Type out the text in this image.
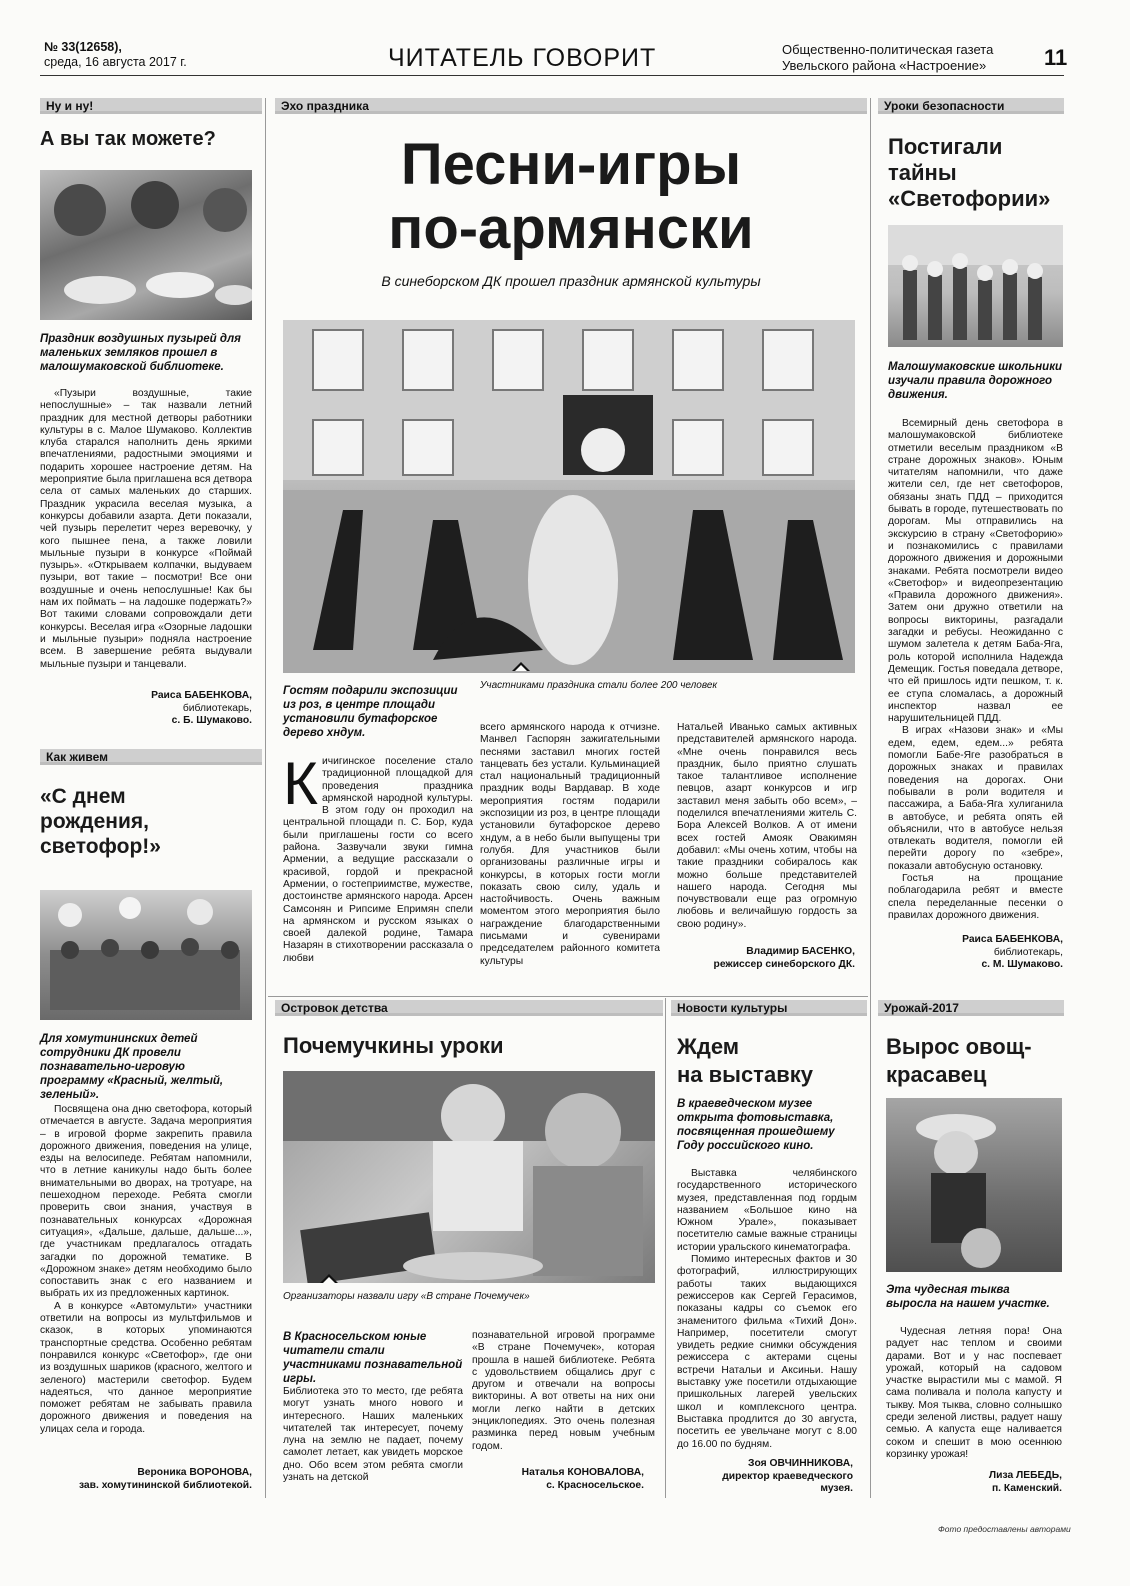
№ 33(12658),
среда, 16 августа 2017 г.	ЧИТАТЕЛЬ ГОВОРИТ	Общественно-политическая газета
Увельского района «Настроение»	11
Ну и ну!
А вы так можете?
Праздник воздушных пузырей для маленьких земляков прошел в малошумаковской библиотеке.

«Пузыри воздушные, такие непослушные» – так назвали летний праздник для местной детворы работники культуры в с. Малое Шумаково. Коллектив клуба старался наполнить день яркими впечатлениями, радостными эмоциями и подарить хорошее настроение детям. На мероприятие была приглашена вся детвора села от самых маленьких до старших. Праздник украсила веселая музыка, а конкурсы добавили азарта. Дети показали, чей пузырь перелетит через веревочку, у кого пышнее пена, а также ловили мыльные пузыри в конкурсе «Поймай пузырь». «Открываем колпачки, выдуваем пузыри, вот такие – посмотри! Все они воздушные и очень непослушные! Как бы нам их поймать – на ладошке подержать?» Вот такими словами сопровождали дети конкурсы. Веселая игра «Озорные ладошки и мыльные пузыри» подняла настроение всем. В завершение ребята выдували мыльные пузыри и танцевали.

Раиса БАБЕНКОВА,
библиотекарь,
с. Б. Шумаково.
Как живем
«С днем
рождения,
светофор!»
Для хомутининских детей сотрудники ДК провели познавательно-игровую программу «Красный, желтый, зеленый».

Посвящена она дню светофора, который отмечается в августе. Задача мероприятия – в игровой форме закрепить правила дорожного движения, поведения на улице, езды на велосипеде. Ребятам напомнили, что в летние каникулы надо быть более внимательными во дворах, на тротуаре, на пешеходном переходе. Ребята смогли проверить свои знания, участвуя в познавательных конкурсах «Дорожная ситуация», «Дальше, дальше, дальше...», где участникам предлагалось отгадать загадки по дорожной тематике. В «Дорожном знаке» детям необходимо было сопоставить знак с его названием и выбрать их из предложенных картинок.

А в конкурсе «Автомульти» участники ответили на вопросы из мультфильмов и сказок, в которых упоминаются транспортные средства. Особенно ребятам понравился конкурс «Светофор», где они из воздушных шариков (красного, желтого и зеленого) мастерили светофор. Будем надеяться, что данное мероприятие поможет ребятам не забывать правила дорожного движения и поведения на улицах села и города.

Вероника ВОРОНОВА,
зав. хомутининской библиотекой.
Эхо праздника
Песни-игры
по-армянски
В синеборском ДК прошел праздник армянской культуры
Участниками праздника стали более 200 человек
Гостям подарили экспозиции из роз, в центре площади установили бутафорское дерево хндум.
К ичигинское поселение стало традиционной площадкой для проведения праздника армянской народной культуры. В этом году он проходил на центральной площади п. С. Бор, куда были приглашены гости со всего района. Зазвучали звуки гимна Армении, а ведущие рассказали о красивой, гордой и прекрасной Армении, о гостеприимстве, мужестве, достоинстве армянского народа. Арсен Самсонян и Рипсиме Епримян спели на армянском и русском языках о своей далекой родине, Тамара Назарян в стихотворении рассказала о любви
всего армянского народа к отчизне. Манвел Гаспорян зажигательными песнями заставил многих гостей танцевать без устали. Кульминацией стал национальный традиционный праздник воды Вардавар. В ходе мероприятия гостям подарили экспозиции из роз, в центре площади установили бутафорское дерево хндум, а в небо были выпущены три голубя. Для участников были организованы различные игры и конкурсы, в которых гости могли показать свою силу, удаль и настойчивость. Очень важным моментом этого мероприятия было награждение благодарственными письмами и сувенирами председателем районного комитета культуры
Натальей Иванько самых активных представителей армянского народа. «Мне очень понравился весь праздник, было приятно слушать такое талантливое исполнение певцов, азарт конкурсов и игр заставил меня забыть обо всем», – поделился впечатлениями житель С. Бора Алексей Волков. А от имени всех гостей Амояк Овакимян добавил: «Мы очень хотим, чтобы на такие праздники собиралось как можно больше представителей нашего народа. Сегодня мы почувствовали еще раз огромную любовь и величайшую гордость за свою родину».
Владимир БАСЕНКО,
режиссер синеборского ДК.
Уроки безопасности
Постигали
тайны
«Светофории»
Малошумаковские школьники изучали правила дорожного движения.

Всемирный день светофора в малошумаковской библиотеке отметили веселым праздником «В стране дорожных знаков». Юным читателям напомнили, что даже жители сел, где нет светофоров, обязаны знать ПДД – приходится бывать в городе, путешествовать по дорогам. Мы отправились на экскурсию в страну «Светофорию» и познакомились с правилами дорожного движения и дорожными знаками. Ребята посмотрели видео «Светофор» и видеопрезентацию «Правила дорожного движения». Затем они дружно ответили на вопросы викторины, разгадали загадки и ребусы. Неожиданно с шумом залетела к детям Баба-Яга, роль которой исполнила Надежда Демещик. Гостья поведала детворе, что ей пришлось идти пешком, т. к. ее ступа сломалась, а дорожный инспектор назвал ее нарушительницей ПДД.

В играх «Назови знак» и «Мы едем, едем, едем...» ребята помогли Бабе-Яге разобраться в дорожных знаках и правилах поведения на дорогах. Они побывали в роли водителя и пассажира, а Баба-Яга хулиганила в автобусе, и ребята опять ей объяснили, что в автобусе нельзя отвлекать водителя, помогли ей перейти дорогу по «зебре», показали автобусную остановку.

Гостья на прощание поблагодарила ребят и вместе спела переделанные песенки о правилах дорожного движения.

Раиса БАБЕНКОВА,
библиотекарь,
с. М. Шумаково.
Островок детства
Почемучкины уроки
Организаторы назвали игру «В стране Почемучек»
В Красносельском юные читатели стали участниками познавательной игры.
Библиотека это то место, где ребята могут узнать много нового и интересного. Наших маленьких читателей так интересует, почему луна на землю не падает, почему самолет летает, как увидеть морское дно. Обо всем этом ребята смогли узнать на детской
познавательной игровой программе «В стране Почемучек», которая прошла в нашей библиотеке. Ребята с удовольствием общались друг с другом и отвечали на вопросы викторины. А вот ответы на них они могли легко найти в детских энциклопедиях. Это очень полезная разминка перед новым учебным годом.
Наталья КОНОВАЛОВА,
с. Красносельское.
Новости культуры
Ждем
на выставку
В краеведческом музее открыта фотовыставка, посвященная прошедшему Году российского кино.

Выставка челябинского государственного исторического музея, представленная под гордым названием «Большое кино на Южном Урале», показывает посетителю самые важные страницы истории уральского кинематографа.

Помимо интересных фактов и 30 фотографий, иллюстрирующих работы таких выдающихся режиссеров как Сергей Герасимов, показаны кадры со съемок его знаменитого фильма «Тихий Дон». Например, посетители смогут увидеть редкие снимки обсуждения режиссера с актерами сцены встречи Натальи и Аксиньи. Нашу выставку уже посетили отдыхающие пришкольных лагерей увельских школ и комплексного центра. Выставка продлится до 30 августа, посетить ее увельчане могут с 8.00 до 16.00 по будням.

Зоя ОВЧИННИКОВА,
директор краеведческого
музея.
Урожай-2017
Вырос овощ-
красавец
Эта чудесная тыква выросла на нашем участке.

Чудесная летняя пора! Она радует нас теплом и своими дарами. Вот и у нас поспевает урожай, который на садовом участке вырастили мы с мамой. Я сама поливала и полола капусту и тыкву. Моя тыква, словно солнышко среди зеленой листвы, радует нашу семью. А капуста еще наливается соком и спешит в мою осеннюю корзинку урожая!

Лиза ЛЕБЕДЬ,
п. Каменский.
Фото предоставлены авторами
